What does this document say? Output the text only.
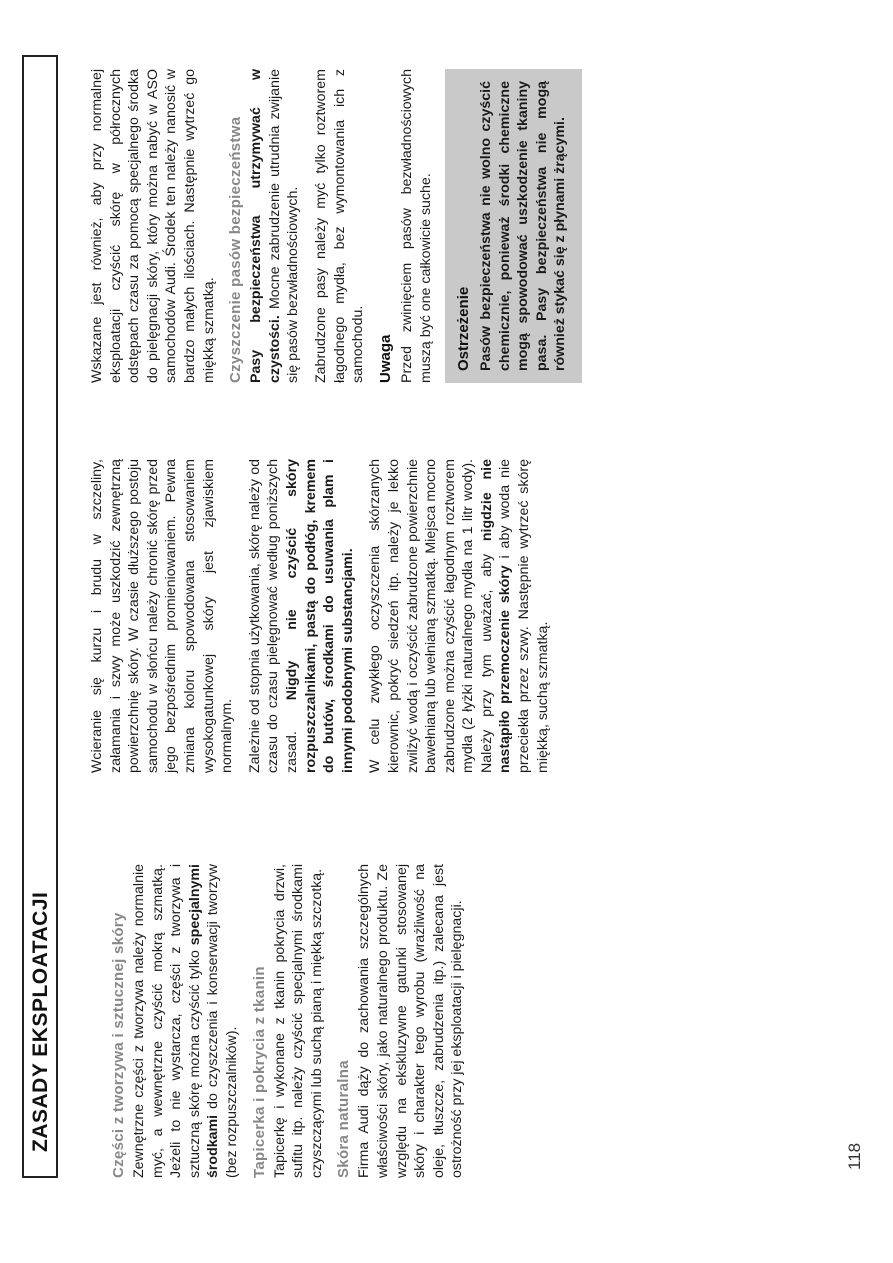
ZASADY EKSPLOATACJI	Części z tworzywa i sztucznej skóry Zewnętrzne części z tworzywa należy normalnie myć, a wewnętrzne czyścić mokrą szmatką. Jeżeli to nie wystarcza, części z tworzywa i sztuczną skórę można czyścić tylko specjalnymi środkami do czyszczenia i konserwacji tworzyw (bez rozpuszczalników). Tapicerka i pokrycia z tkanin Tapicerkę i wykonane z tkanin pokrycia drzwi, sufitu itp. należy czyścić specjalnymi środkami czyszczącymi lub suchą pianą i miękką szczotką. Skóra naturalna Firma Audi dąży do zachowania szczególnych właściwości skóry, jako naturalnego produktu. Ze względu na ekskluzywne gatunki stosowanej skóry i charakter tego wyrobu (wrażliwość na oleje, tłuszcze, zabrudzenia itp.) zalecana jest ostrożność przy jej eksploatacji i pielęgnacji.

Wcieranie się kurzu i brudu w szczeliny, załamania i szwy może uszkodzić zewnętrzną powierzchnię skóry. W czasie dłuższego postoju samochodu w słońcu należy chronić skórę przed jego bezpośrednim promieniowaniem. Pewna zmiana koloru spowodowana stosowaniem wysokogatunkowej skóry jest zjawiskiem normalnym. Zależnie od stopnia użytkowania, skórę należy od czasu do czasu pielęgnować według poniższych zasad. Nigdy nie czyścić skóry rozpuszczalnikami, pastą do podłóg, kremem do butów, środkami do usuwania plam i innymi podobnymi substancjami. W celu zwykłego oczyszczenia skórzanych kierownic, pokryć siedzeń itp. należy je lekko zwilżyć wodą i oczyścić zabrudzone powierzchnie bawełnianą lub wełnianą szmatką. Miejsca mocno zabrudzone można czyścić łagodnym roztworem mydła (2 łyżki naturalnego mydła na 1 litr wody). Należy przy tym uważać, aby nigdzie nie nastąpiło przemoczenie skóry i aby woda nie przeciekła przez szwy. Następnie wytrzeć skórę miękką, suchą szmatką.

Wskazane jest również, aby przy normalnej eksploatacji czyścić skórę w półrocznych odstępach czasu za pomocą specjalnego środka do pielęgnacji skóry, który można nabyć w ASO samochodów Audi. Środek ten należy nanosić w bardzo małych ilościach. Następnie wytrzeć go miękką szmatką. Czyszczenie pasów bezpieczeństwa Pasy bezpieczeństwa utrzymywać w czystości. Mocne zabrudzenie utrudnia zwijanie się pasów bezwładnościowych. Zabrudzone pasy należy myć tylko roztworem łagodnego mydła, bez wymontowania ich z samochodu. Uwaga Przed zwinięciem pasów bezwładnościowych muszą być one całkowicie suche. Ostrzeżenie Pasów bezpieczeństwa nie wolno czyścić chemicznie, ponieważ środki chemiczne mogą spowodować uszkodzenie tkaniny pasa. Pasy bezpieczeństwa nie mogą również stykać się z płynami żrącymi.

118
